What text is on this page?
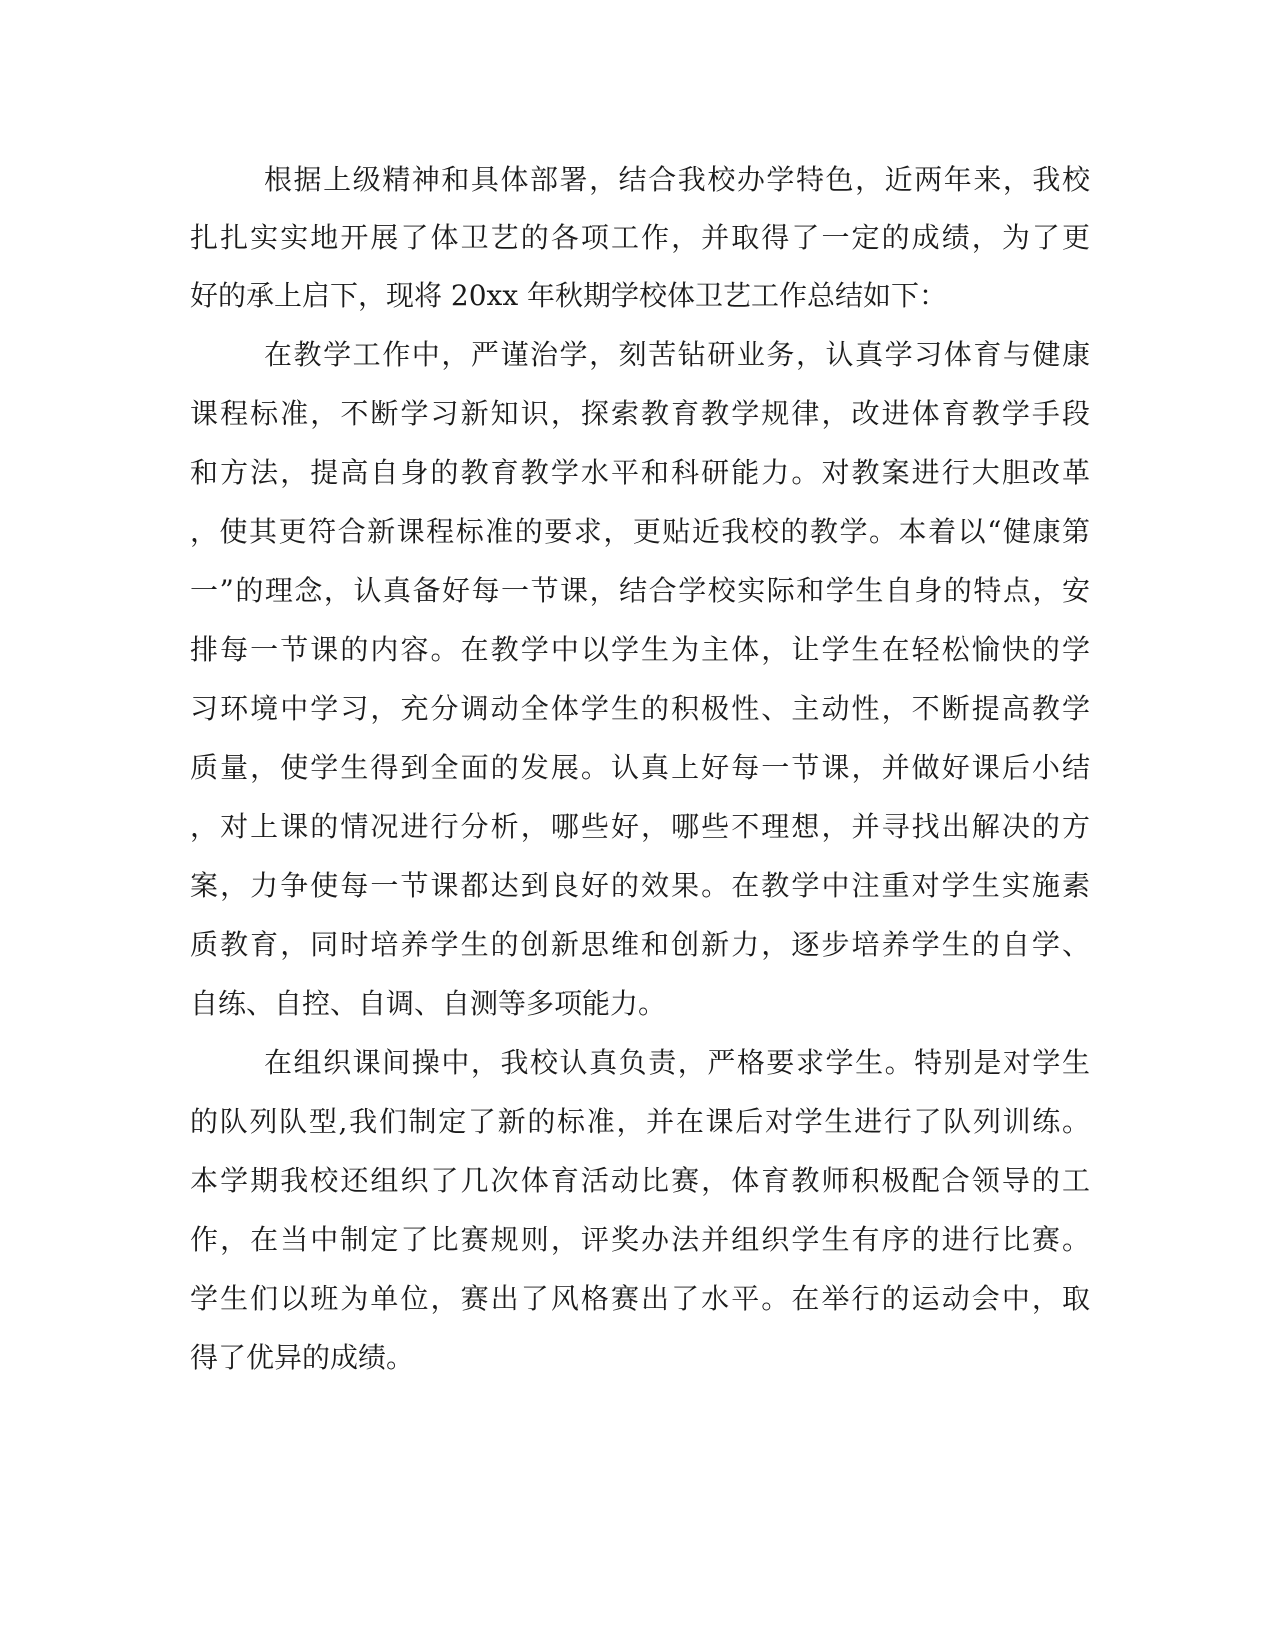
根据上级精神和具体部署，结合我校办学特色，近两年来，我校
扎扎实实地开展了体卫艺的各项工作，并取得了一定的成绩，为了更
好的承上启下，现将 20xx 年秋期学校体卫艺工作总结如下：
在教学工作中，严谨治学，刻苦钻研业务，认真学习体育与健康
课程标准，不断学习新知识，探索教育教学规律，改进体育教学手段
和方法，提高自身的教育教学水平和科研能力。对教案进行大胆改革
，使其更符合新课程标准的要求，更贴近我校的教学。本着以“健康第
一”的理念，认真备好每一节课，结合学校实际和学生自身的特点，安
排每一节课的内容。在教学中以学生为主体，让学生在轻松愉快的学
习环境中学习，充分调动全体学生的积极性、主动性，不断提高教学
质量，使学生得到全面的发展。认真上好每一节课，并做好课后小结
，对上课的情况进行分析，哪些好，哪些不理想，并寻找出解决的方
案，力争使每一节课都达到良好的效果。在教学中注重对学生实施素
质教育，同时培养学生的创新思维和创新力，逐步培养学生的自学、
自练、自控、自调、自测等多项能力。
在组织课间操中，我校认真负责，严格要求学生。特别是对学生
的队列队型,我们制定了新的标准，并在课后对学生进行了队列训练。
本学期我校还组织了几次体育活动比赛，体育教师积极配合领导的工
作，在当中制定了比赛规则，评奖办法并组织学生有序的进行比赛。
学生们以班为单位，赛出了风格赛出了水平。在举行的运动会中，取
得了优异的成绩。
